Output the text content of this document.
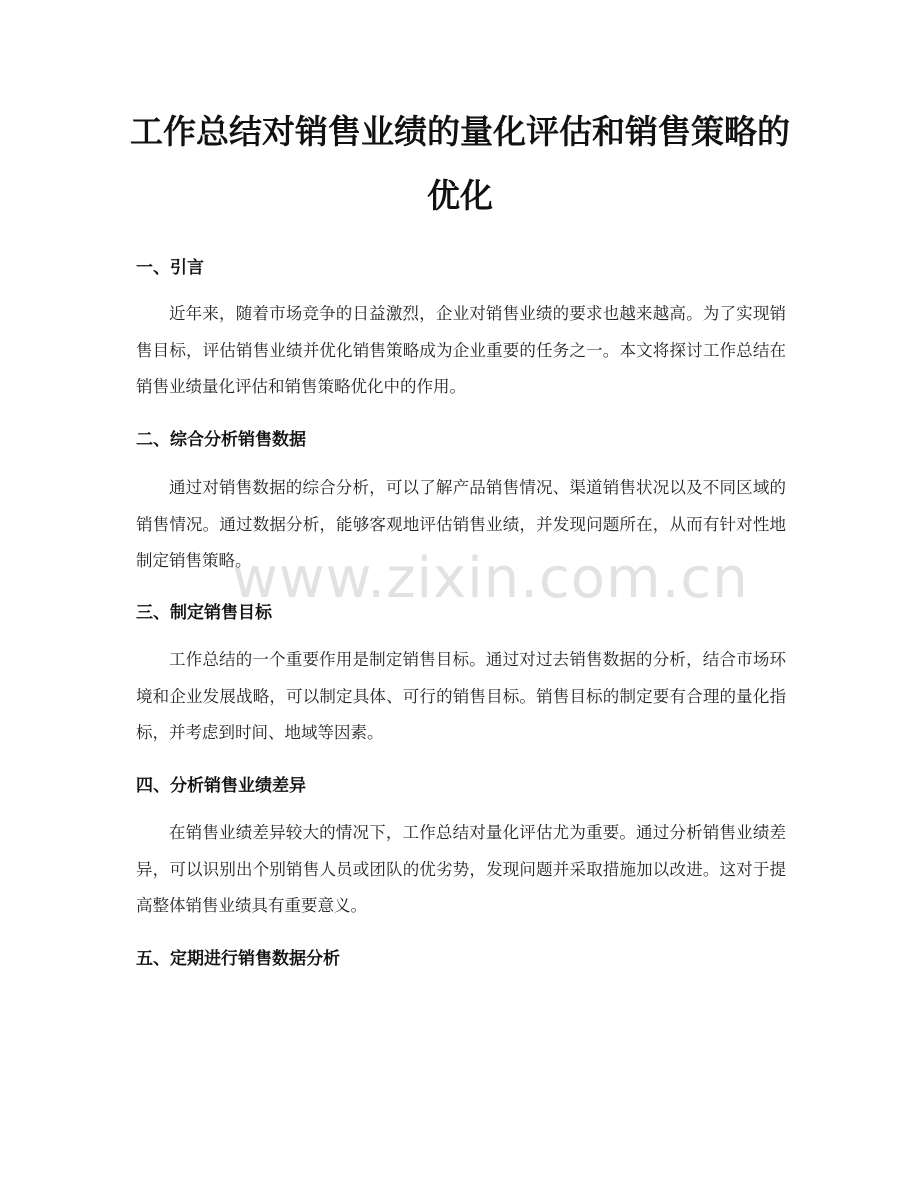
工作总结对销售业绩的量化评估和销售策略的优化
一、引言

近年来，随着市场竞争的日益激烈，企业对销售业绩的要求也越来越高。为了实现销售目标，评估销售业绩并优化销售策略成为企业重要的任务之一。本文将探讨工作总结在销售业绩量化评估和销售策略优化中的作用。

二、综合分析销售数据

通过对销售数据的综合分析，可以了解产品销售情况、渠道销售状况以及不同区域的销售情况。通过数据分析，能够客观地评估销售业绩，并发现问题所在，从而有针对性地制定销售策略。

三、制定销售目标

工作总结的一个重要作用是制定销售目标。通过对过去销售数据的分析，结合市场环境和企业发展战略，可以制定具体、可行的销售目标。销售目标的制定要有合理的量化指标，并考虑到时间、地域等因素。

四、分析销售业绩差异

在销售业绩差异较大的情况下，工作总结对量化评估尤为重要。通过分析销售业绩差异，可以识别出个别销售人员或团队的优劣势，发现问题并采取措施加以改进。这对于提高整体销售业绩具有重要意义。

五、定期进行销售数据分析
www.zixin.com.cn
